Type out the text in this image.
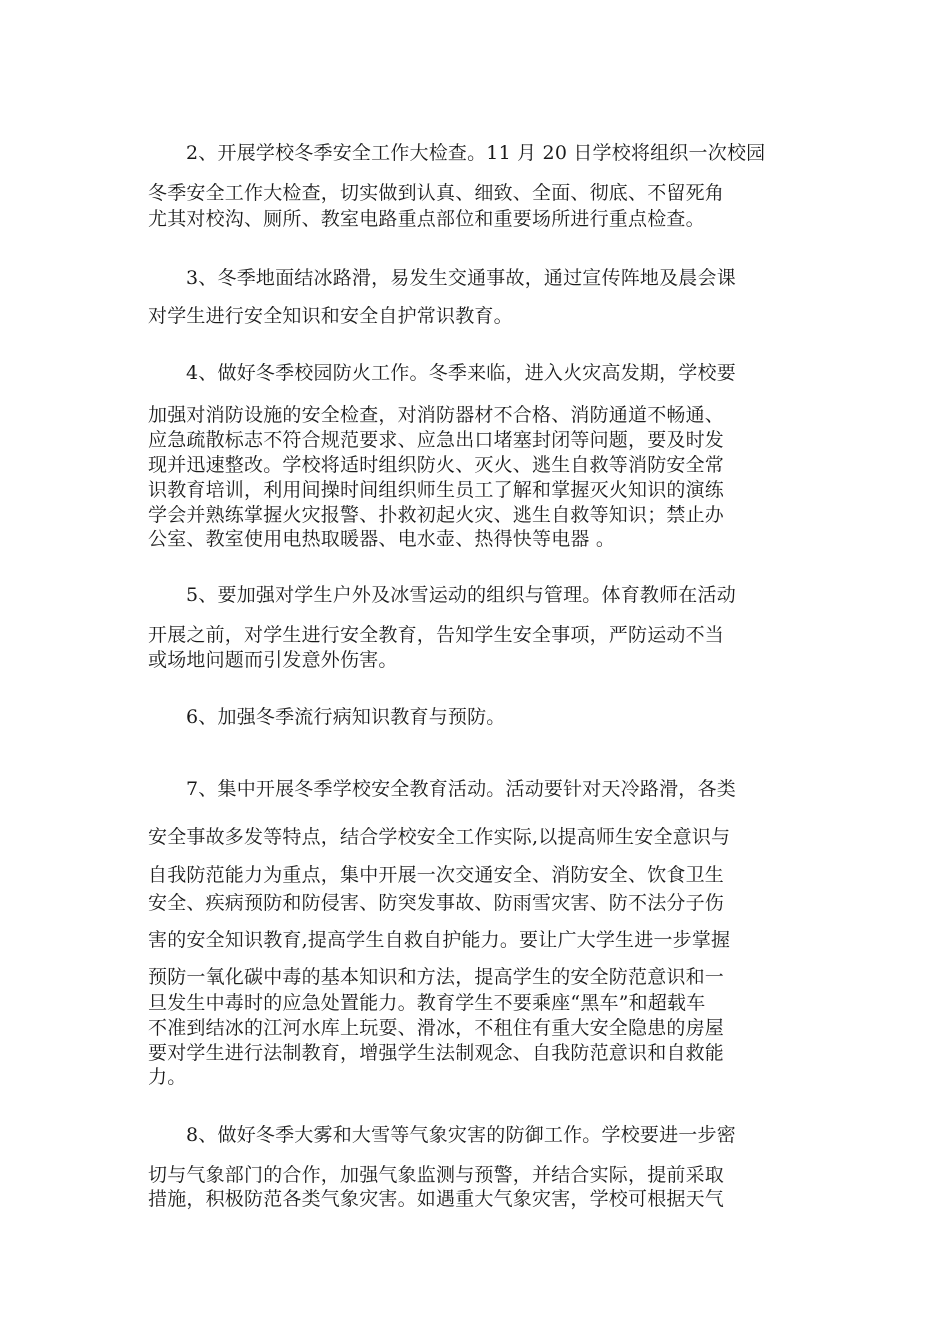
2、开展学校冬季安全工作大检查。11 月 20 日学校将组织一次校园
冬季安全工作大检查，切实做到认真、细致、全面、彻底、不留死角
尤其对校沟、厕所、教室电路重点部位和重要场所进行重点检查。
3、冬季地面结冰路滑，易发生交通事故，通过宣传阵地及晨会课
对学生进行安全知识和安全自护常识教育。
4、做好冬季校园防火工作。冬季来临，进入火灾高发期，学校要
加强对消防设施的安全检查，对消防器材不合格、消防通道不畅通、
应急疏散标志不符合规范要求、应急出口堵塞封闭等问题，要及时发
现并迅速整改。学校将适时组织防火、灭火、逃生自救等消防安全常
识教育培训，利用间操时间组织师生员工了解和掌握灭火知识的演练
学会并熟练掌握火灾报警、扑救初起火灾、逃生自救等知识；禁止办
公室、教室使用电热取暖器、电水壶、热得快等电器 。
5、要加强对学生户外及冰雪运动的组织与管理。体育教师在活动
开展之前，对学生进行安全教育，告知学生安全事项，严防运动不当
或场地问题而引发意外伤害。
6、加强冬季流行病知识教育与预防。
7、集中开展冬季学校安全教育活动。活动要针对天冷路滑，各类
安全事故多发等特点，结合学校安全工作实际,以提高师生安全意识与
自我防范能力为重点，集中开展一次交通安全、消防安全、饮食卫生
安全、疾病预防和防侵害、防突发事故、防雨雪灾害、防不法分子伤
害的安全知识教育,提高学生自救自护能力。要让广大学生进一步掌握
预防一氧化碳中毒的基本知识和方法，提高学生的安全防范意识和一
旦发生中毒时的应急处置能力。教育学生不要乘座“黑车”和超载车
不准到结冰的江河水库上玩耍、滑冰，不租住有重大安全隐患的房屋
要对学生进行法制教育，增强学生法制观念、自我防范意识和自救能
力。
8、做好冬季大雾和大雪等气象灾害的防御工作。学校要进一步密
切与气象部门的合作，加强气象监测与预警，并结合实际，提前采取
措施，积极防范各类气象灾害。如遇重大气象灾害，学校可根据天气
